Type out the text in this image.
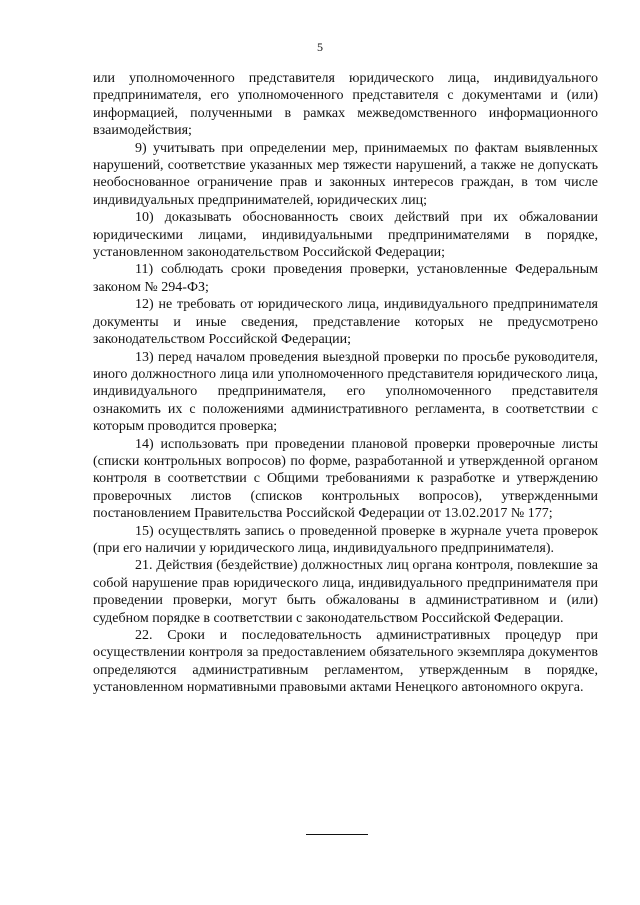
5

или уполномоченного представителя юридического лица, индивидуального предпринимателя, его уполномоченного представителя с документами и (или) информацией, полученными в рамках межведомственного информационного взаимодействия;

9) учитывать при определении мер, принимаемых по фактам выявленных нарушений, соответствие указанных мер тяжести нарушений, а также не допускать необоснованное ограничение прав и законных интересов граждан, в том числе индивидуальных предпринимателей, юридических лиц;

10) доказывать обоснованность своих действий при их обжаловании юридическими лицами, индивидуальными предпринимателями в порядке, установленном законодательством Российской Федерации;

11) соблюдать сроки проведения проверки, установленные Федеральным законом № 294-ФЗ;

12) не требовать от юридического лица, индивидуального предпринимателя документы и иные сведения, представление которых не предусмотрено законодательством Российской Федерации;

13) перед началом проведения выездной проверки по просьбе руководителя, иного должностного лица или уполномоченного представителя юридического лица, индивидуального предпринимателя, его уполномоченного представителя ознакомить их с положениями административного регламента, в соответствии с которым проводится проверка;

14) использовать при проведении плановой проверки проверочные листы (списки контрольных вопросов) по форме, разработанной и утвержденной органом контроля в соответствии с Общими требованиями к разработке и утверждению проверочных листов (списков контрольных вопросов), утвержденными постановлением Правительства Российской Федерации от 13.02.2017 № 177;

15) осуществлять запись о проведенной проверке в журнале учета проверок (при его наличии у юридического лица, индивидуального предпринимателя).

21. Действия (бездействие) должностных лиц органа контроля, повлекшие за собой нарушение прав юридического лица, индивидуального предпринимателя при проведении проверки, могут быть обжалованы в административном и (или) судебном порядке в соответствии с законодательством Российской Федерации.

22. Сроки и последовательность административных процедур при осуществлении контроля за предоставлением обязательного экземпляра документов определяются административным регламентом, утвержденным в порядке, установленном нормативными правовыми актами Ненецкого автономного округа.
